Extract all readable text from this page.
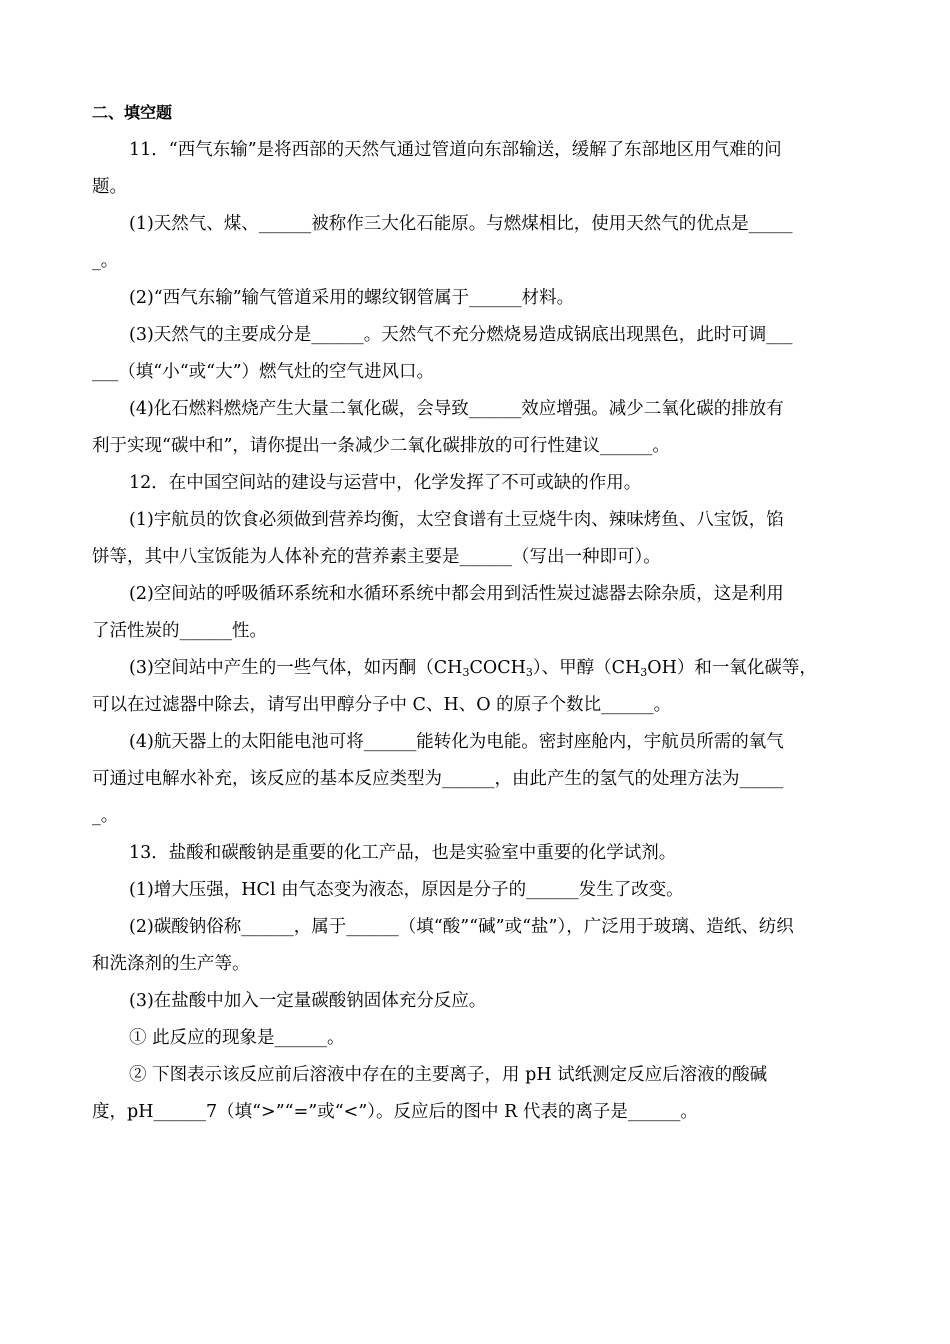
二、填空题

11．“西气东输”是将西部的天然气通过管道向东部输送，缓解了东部地区用气难的问

题。

(1)天然气、煤、______被称作三大化石能原。与燃煤相比，使用天然气的优点是_____

_。

(2)“西气东输”输气管道采用的螺纹钢管属于______材料。

(3)天然气的主要成分是______。天然气不充分燃烧易造成锅底出现黑色，此时可调___

___（填“小“或“大”）燃气灶的空气进风口。

(4)化石燃料燃烧产生大量二氧化碳，会导致______效应增强。减少二氧化碳的排放有

利于实现“碳中和”，请你提出一条减少二氧化碳排放的可行性建议______。

12．在中国空间站的建设与运营中，化学发挥了不可或缺的作用。

(1)宇航员的饮食必须做到营养均衡，太空食谱有土豆烧牛肉、辣味烤鱼、八宝饭，馅

饼等，其中八宝饭能为人体补充的营养素主要是______（写出一种即可）。

(2)空间站的呼吸循环系统和水循环系统中都会用到活性炭过滤器去除杂质，这是利用

了活性炭的______性。

(3)空间站中产生的一些气体，如丙酮$(CH_3COCH_3)$、甲醇$(CH_3OH)$和一氧化碳等，

可以在过滤器中除去，请写出甲醇分子中 C、H、O 的原子个数比______。

(4)航天器上的太阳能电池可将______能转化为电能。密封座舱内，宇航员所需的氧气

可通过电解水补充，该反应的基本反应类型为______，由此产生的氢气的处理方法为_____

_。

13．盐酸和碳酸钠是重要的化工产品，也是实验室中重要的化学试剂。

(1)增大压强，HCl 由气态变为液态，原因是分子的______发生了改变。

(2)碳酸钠俗称______，属于______（填“酸”“碱”或“盐”），广泛用于玻璃、造纸、纺织

和洗涤剂的生产等。

(3)在盐酸中加入一定量碳酸钠固体充分反应。

① 此反应的现象是______。

② 下图表示该反应前后溶液中存在的主要离子，用 pH 试纸测定反应后溶液的酸碱

度，pH______7（填“>”“=”或“<”）。反应后的图中 R 代表的离子是______。
